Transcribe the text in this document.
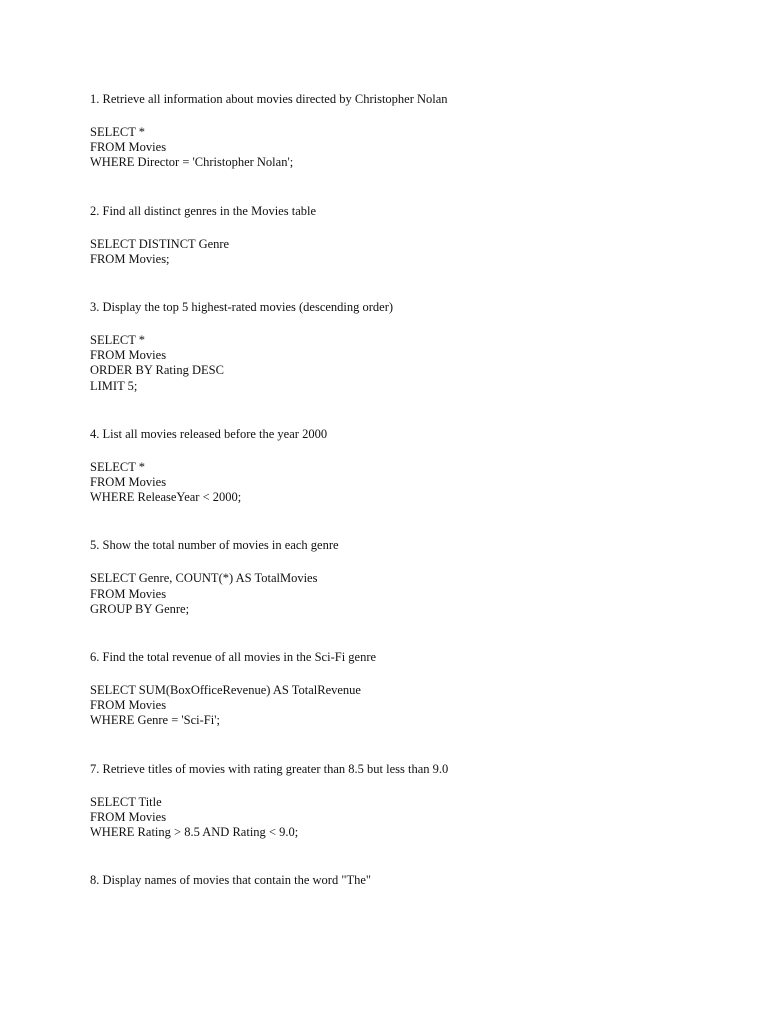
1. Retrieve all information about movies directed by Christopher Nolan

SELECT *

FROM Movies

WHERE Director = 'Christopher Nolan';

2. Find all distinct genres in the Movies table

SELECT DISTINCT Genre

FROM Movies;

3. Display the top 5 highest-rated movies (descending order)

SELECT *

FROM Movies

ORDER BY Rating DESC

LIMIT 5;

4. List all movies released before the year 2000

SELECT *

FROM Movies

WHERE ReleaseYear < 2000;

5. Show the total number of movies in each genre

SELECT Genre, COUNT(*) AS TotalMovies

FROM Movies

GROUP BY Genre;

6. Find the total revenue of all movies in the Sci-Fi genre

SELECT SUM(BoxOfficeRevenue) AS TotalRevenue

FROM Movies

WHERE Genre = 'Sci-Fi';

7. Retrieve titles of movies with rating greater than 8.5 but less than 9.0

SELECT Title

FROM Movies

WHERE Rating > 8.5 AND Rating < 9.0;

8. Display names of movies that contain the word "The"
